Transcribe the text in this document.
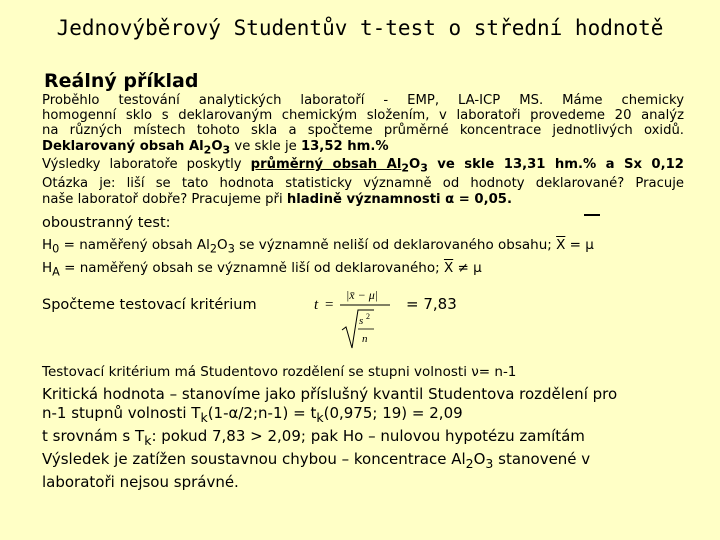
Jednovýběrový Studentův t-test o střední hodnotě
Reálný příklad

Proběhlo testování analytických laboratoří - EMP, LA-ICP MS. Máme chemicky

homogenní sklo s deklarovaným chemickým složením, v laboratoři provedeme 20 analýz

na různých místech tohoto skla a spočteme průměrné koncentrace jednotlivých oxidů.

Deklarovaný obsah $Al_2O_3$ ve skle je 13,52 hm.%

Výsledky laboratoře poskytly průměrný obsah $Al_2O_3$ ve skle 13,31 hm.% a Sx 0,12

Otázka je: liší se tato hodnota statisticky významně od hodnoty deklarované? Pracuje

naše laboratoř dobře? Pracujeme při hladině významnosti α = 0,05.

oboustranný test:
$H_0$ = naměřený obsah $Al_2O_3$ se významně neliší od deklarovaného obsahu; $\overline{X} = \mu$
$H_A$ = naměřený obsah se významně liší od deklarovaného; $\overline{X} \ne \mu$
Spočteme testovací kritérium	t =
|x̄ − μ|
s 2
n
= 7,83
Testovací kritérium má Studentovo rozdělení se stupni volnosti ν= n-1
Kritická hodnota – stanovíme jako příslušný kvantil Studentova rozdělení pro
n-1 stupnů volnosti $T_k(1-\alpha/2;n-1) = t_k(0,975$; 19) = 2,09
t srovnám s $T_k$: pokud 7,83 > 2,09; pak Ho – nulovou hypotézu zamítám
Výsledek je zatížen soustavnou chybou – koncentrace $Al_2O_3$ stanovené v
laboratoři nejsou správné.
